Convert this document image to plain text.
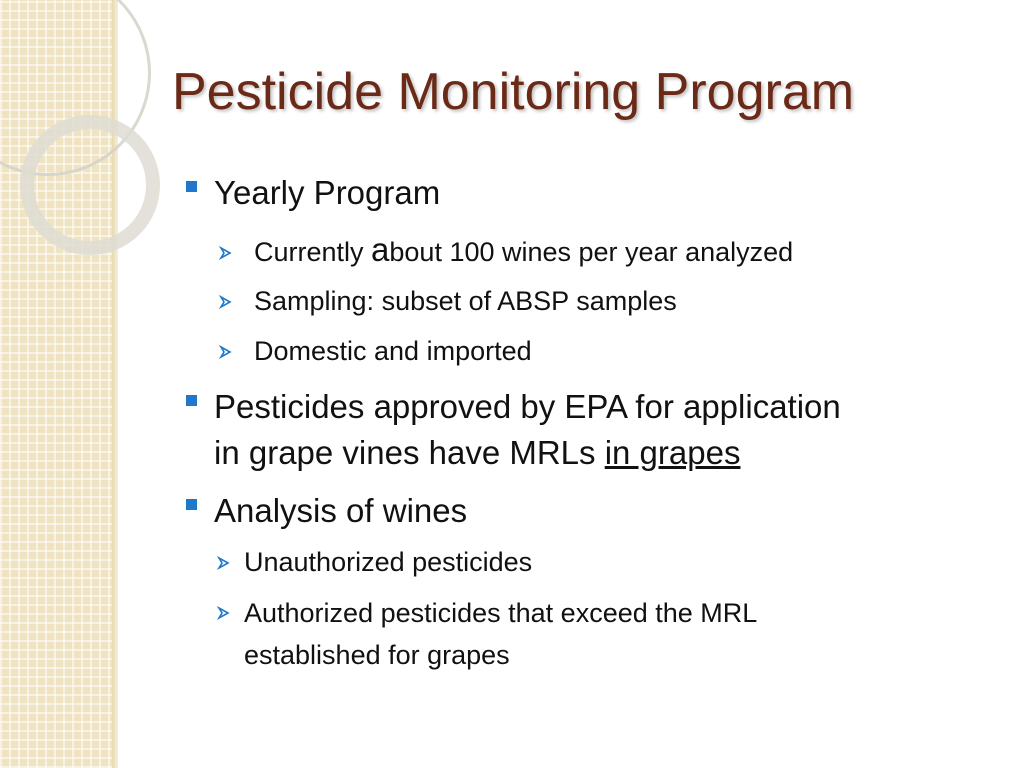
Pesticide Monitoring Program
Yearly Program
Currently about 100 wines per year analyzed
Sampling: subset of ABSP samples
Domestic and imported
Pesticides approved by EPA for application
in grape vines have MRLs in grapes
Analysis of wines
Unauthorized pesticides
Authorized pesticides that exceed the MRL
established for grapes
